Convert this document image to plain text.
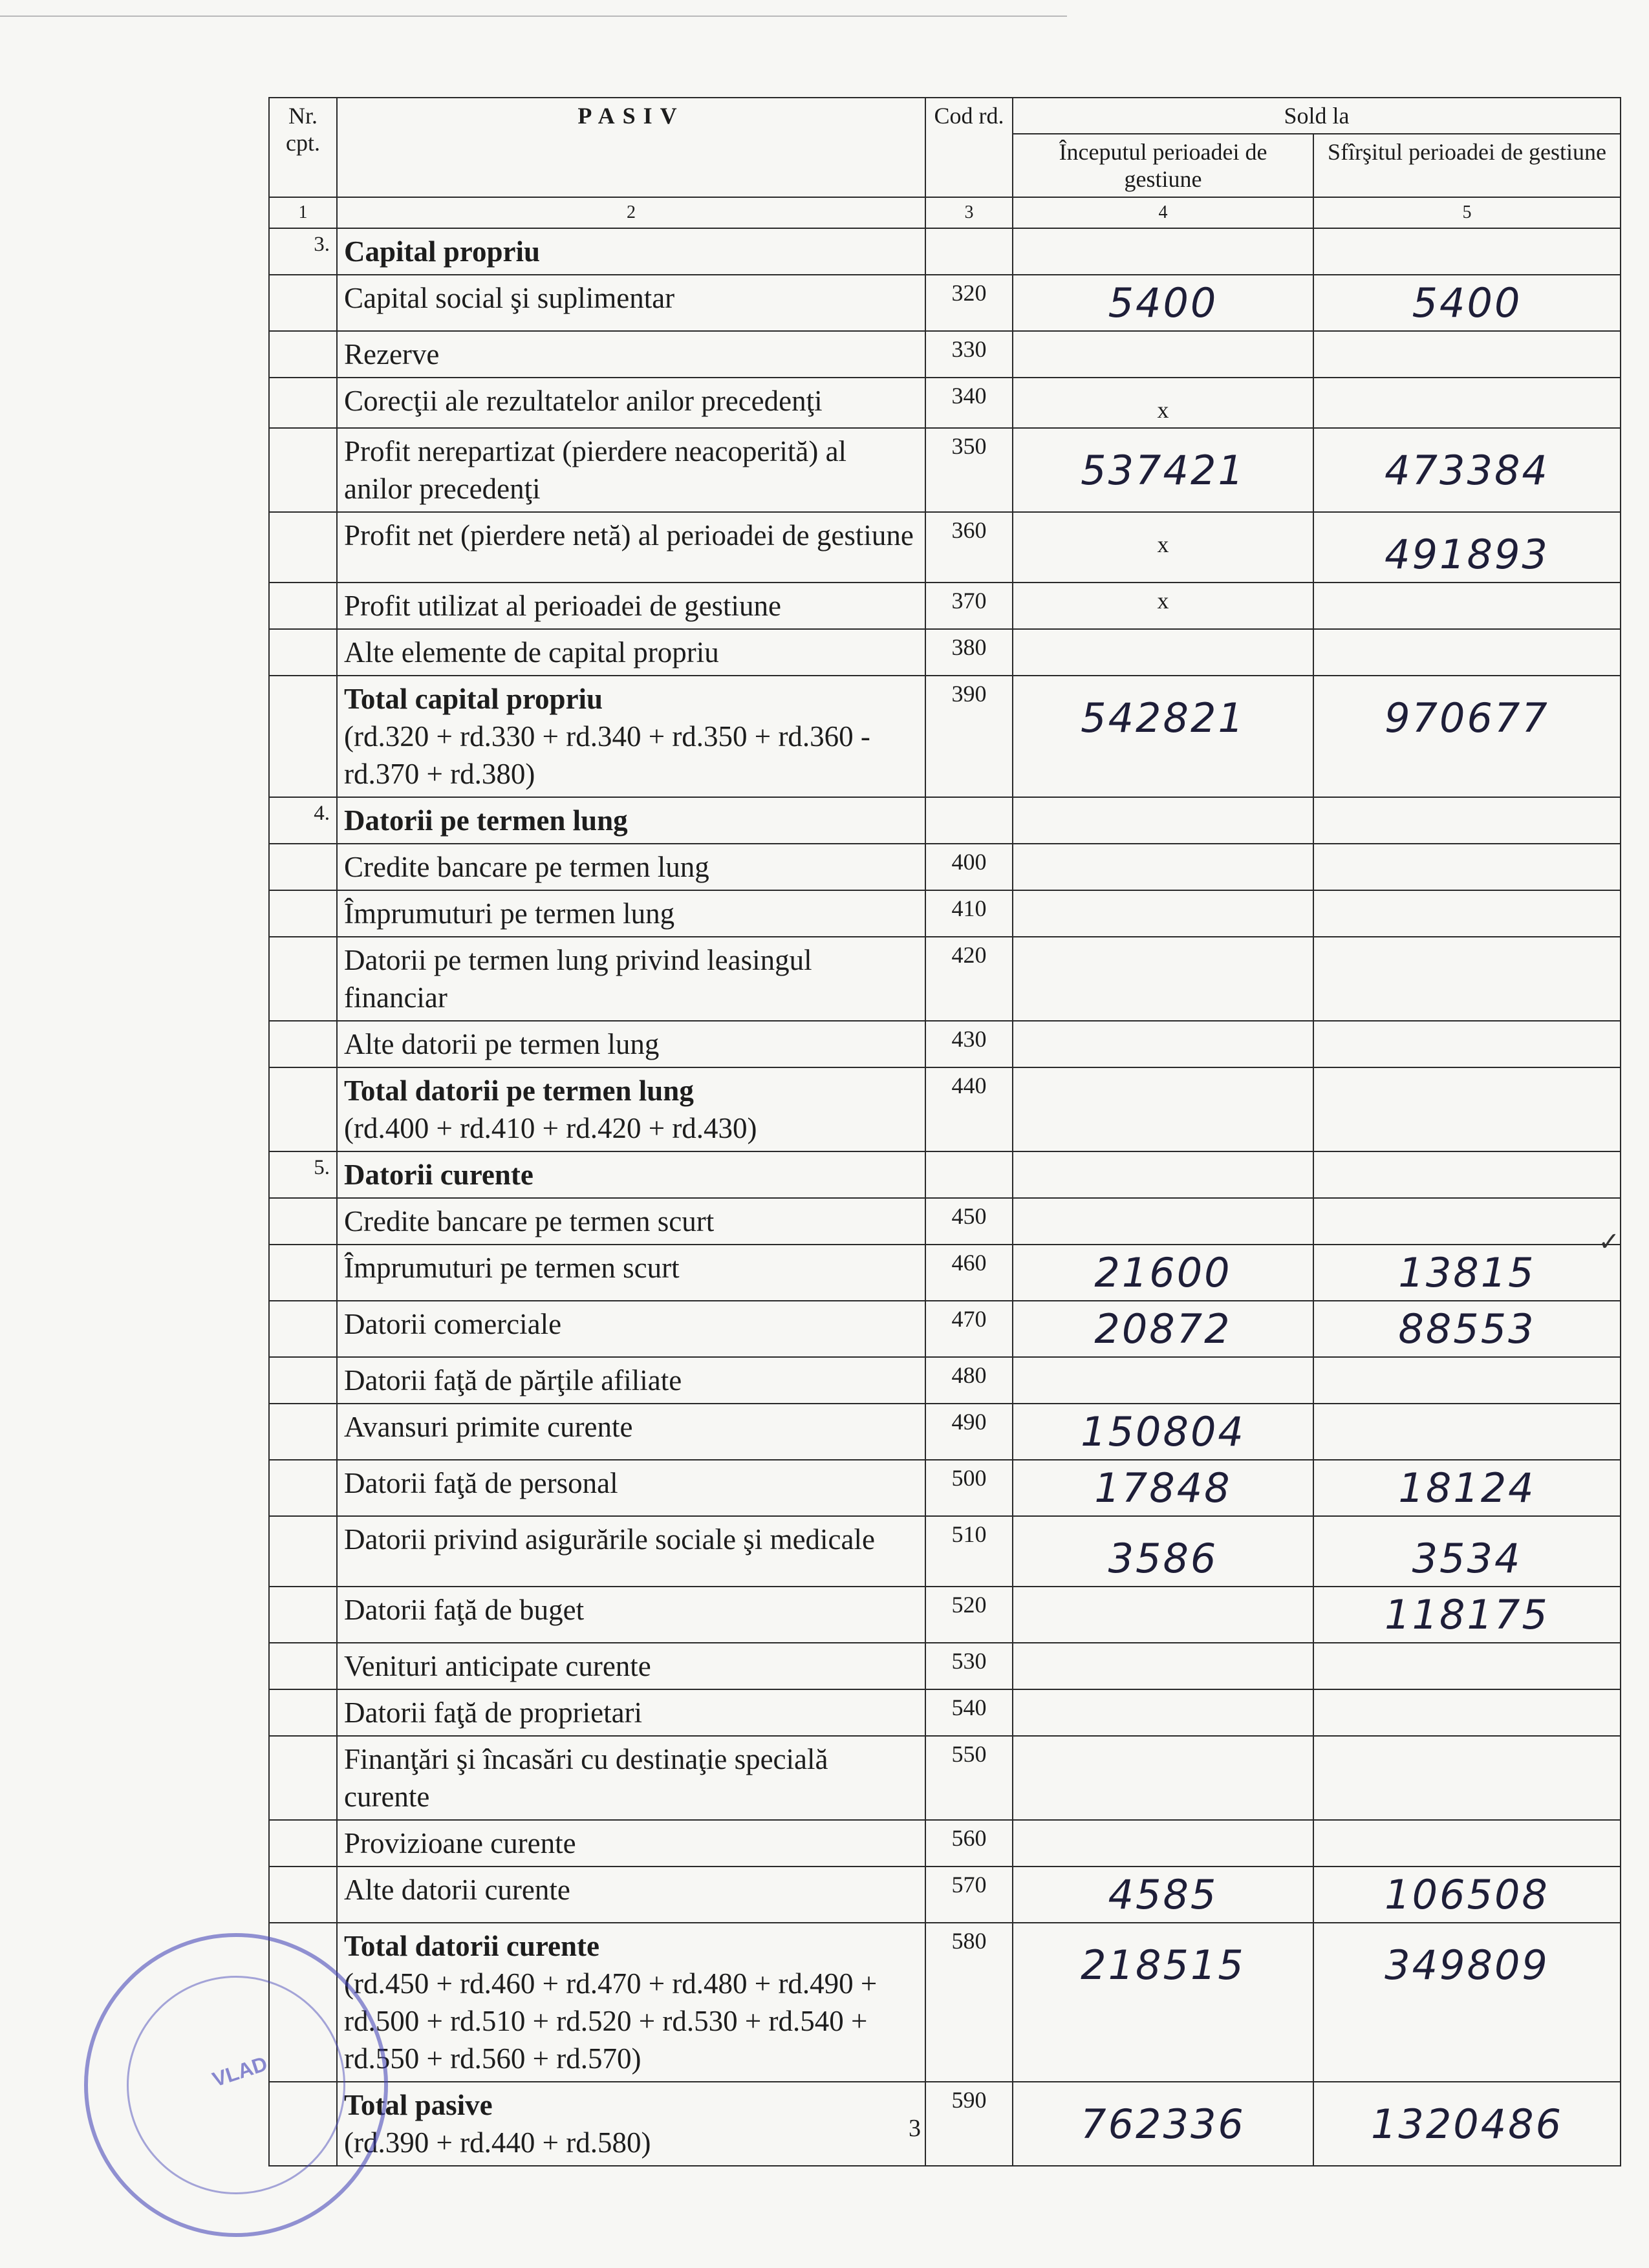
Nr. cpt.	PASIV	Cod rd.	Sold la	
			Începutul perioadei de gestiune	Sfîrşitul perioadei de gestiune
1	2	3	4	5
3.	Capital propriu			

	Capital social şi suplimentar	320	5400	5400

	Rezerve	330		

	Corecţii ale rezultatelor anilor precedenţi	340	x	

	Profit nerepartizat (pierdere neacoperită) al anilor precedenţi	350	537421	473384

	Profit net (pierdere netă) al perioadei de gestiune	360	x	491893

	Profit utilizat al perioadei de gestiune	370	x	

	Alte elemente de capital propriu	380		

	Total capital propriu
(rd.320 + rd.330 + rd.340 + rd.350 + rd.360 - rd.370 + rd.380)	390	542821	970677

4.	Datorii pe termen lung			

	Credite bancare pe termen lung	400		

	Împrumuturi pe termen lung	410		

	Datorii pe termen lung privind leasingul financiar	420		

	Alte datorii pe termen lung	430		

	Total datorii pe termen lung
(rd.400 + rd.410 + rd.420 + rd.430)	440		
5.	Datorii curente			

	Credite bancare pe termen scurt	450		

	Împrumuturi pe termen scurt	460	21600	13815

	Datorii comerciale	470	20872	88553

	Datorii faţă de părţile afiliate	480		

	Avansuri primite curente	490	150804	

	Datorii faţă de personal	500	17848	18124

	Datorii privind asigurările sociale şi medicale	510	3586	3534

	Datorii faţă de buget	520		118175

	Venituri anticipate curente	530		

	Datorii faţă de proprietari	540		

	Finanţări şi încasări cu destinaţie specială curente	550		

	Provizioane curente	560		

	Alte datorii curente	570	4585	106508

	Total datorii curente
(rd.450 + rd.460 + rd.470 + rd.480 + rd.490 + rd.500 + rd.510 + rd.520 + rd.530 + rd.540 + rd.550 + rd.560 + rd.570)	580	218515	349809

	Total pasive
(rd.390 + rd.440 + rd.580)	590	762336	1320486
✓
3
VLAD
